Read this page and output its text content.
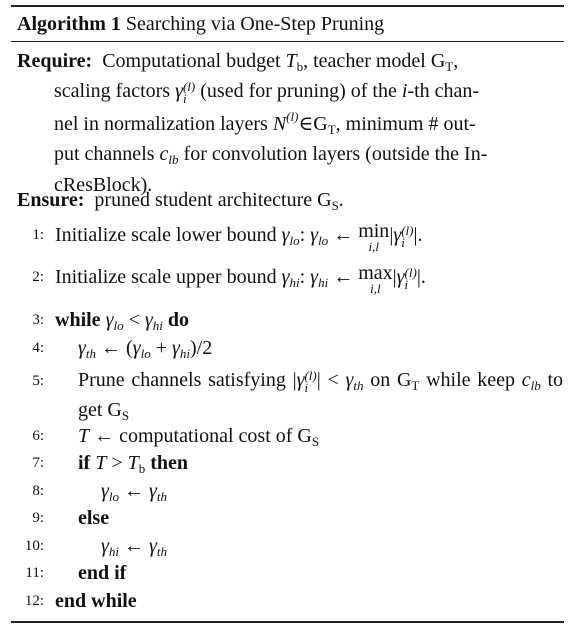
Algorithm 1 Searching via One-Step Pruning
Require:  Computational budget $T_b$, teacher model $G_T$,
scaling factors γ (l)
i (used for pruning) of the i-th chan-
nel in normalization layers $N^{(l)}\in G_T$, minimum # out-
put channels $c_{lb}$ for convolution layers (outside the In-
cResBlock).
Ensure:  pruned student architecture $G_S$.
1: Initialize scale lower bound $\gamma_{lo}$: $\gamma_{lo}$ ← min
i,l
|γ (l)
i |.
2: Initialize scale upper bound $\gamma_{hi}$: $\gamma_{hi}$ ← max
i,l
|γ (l)
i |.
3: while $\gamma_{lo} < \gamma_{hi}$ do
4: $\gamma_{th}$ ← $(\gamma_{lo} + \gamma_{hi})/2$
5: Prune channels satisfying |γ (l)
i | < $\gamma_{th}$ on $G_T$ while keep $c_{lb}$ to get $G_S$
6: T ← computational cost of $G_S$
7: if $T > T_b$ then
8:	$\gamma_{lo}$ ← $\gamma_{th}$
9: else
10:	$\gamma_{hi}$ ← $\gamma_{th}$
11: end if
12: end while
